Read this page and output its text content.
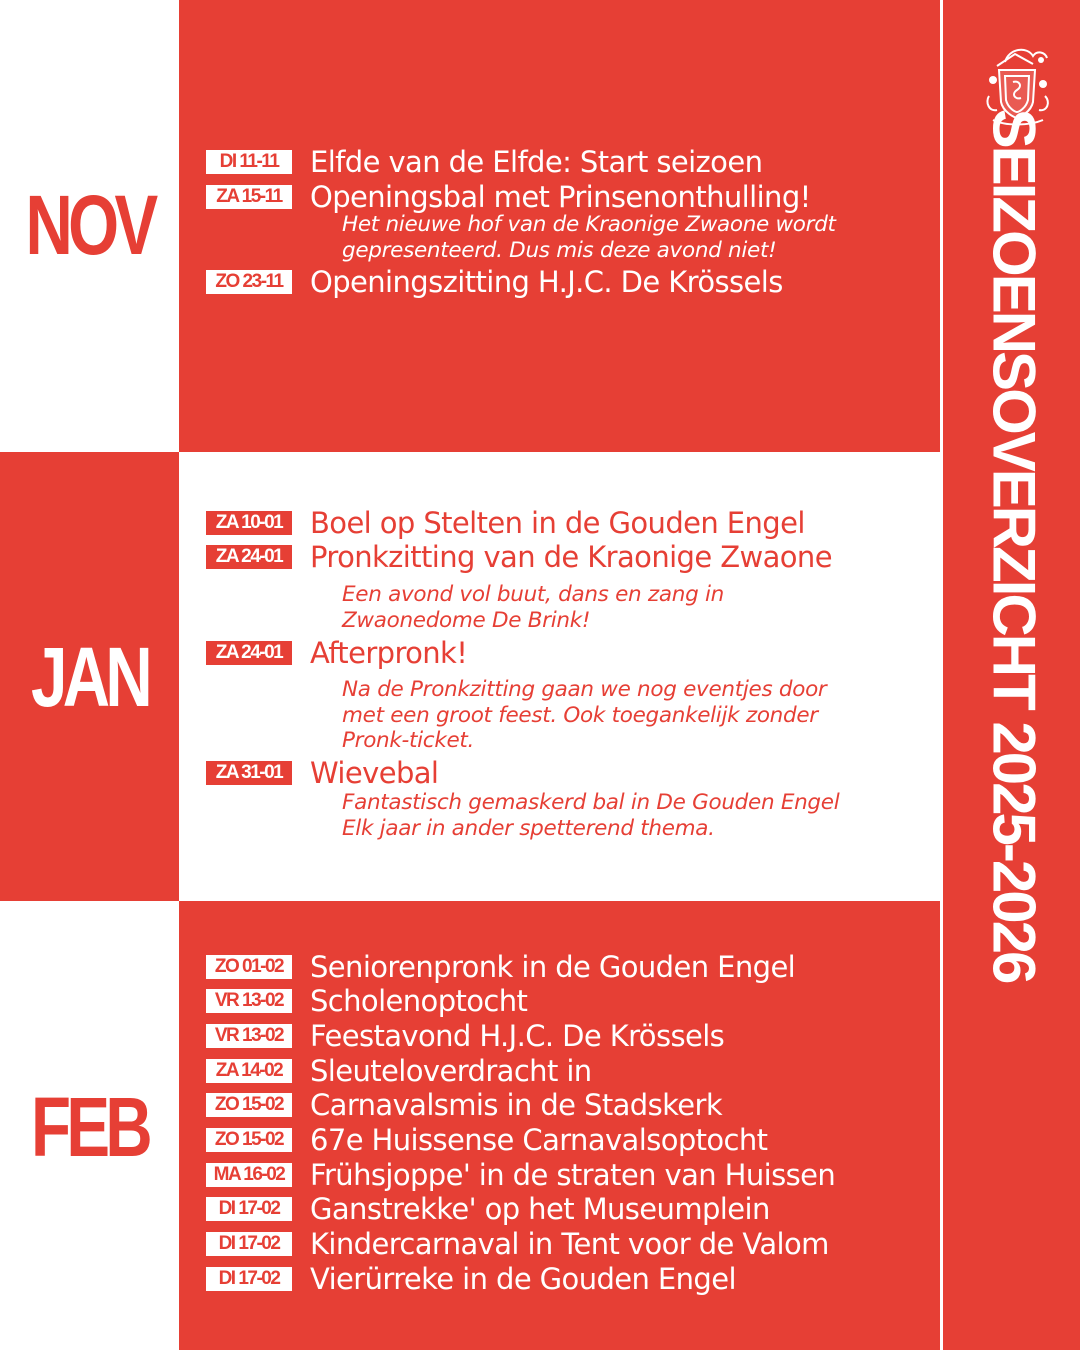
NOV
JAN
FEB
DI 11-11	Elfde van de Elfde: Start seizoen
ZA 15-11 Openingsbal met Prinsenonthulling!
Het nieuwe hof van de Kraonige Zwaone wordt
gepresenteerd. Dus mis deze avond niet!
ZO 23-11 Openingszitting H.J.C. De Krössels
ZA 10-01 Boel op Stelten in de Gouden Engel
ZA 24-01 Pronkzitting van de Kraonige Zwaone
Een avond vol buut, dans en zang in
Zwaonedome De Brink!
ZA 24-01 Afterpronk!
Na de Pronkzitting gaan we nog eventjes door
met een groot feest. Ook toegankelijk zonder
Pronk-ticket.
ZA 31-01 Wievebal
Fantastisch gemaskerd bal in De Gouden Engel
Elk jaar in ander spetterend thema.
ZO 01-02 Seniorenpronk in de Gouden Engel
VR 13-02 Scholenoptocht
VR 13-02 Feestavond H.J.C. De Krössels
ZA 14-02 Sleuteloverdracht in
ZO 15-02 Carnavalsmis in de Stadskerk
ZO 15-02 67e Huissense Carnavalsoptocht
MA 16-02 Frühsjoppe' in de straten van Huissen
DI 17-02	Ganstrekke' op het Museumplein
DI 17-02	Kindercarnaval in Tent voor de Valom
DI 17-02	Vierürreke in de Gouden Engel
SEIZOENSOVERZICHT 2025-2026
